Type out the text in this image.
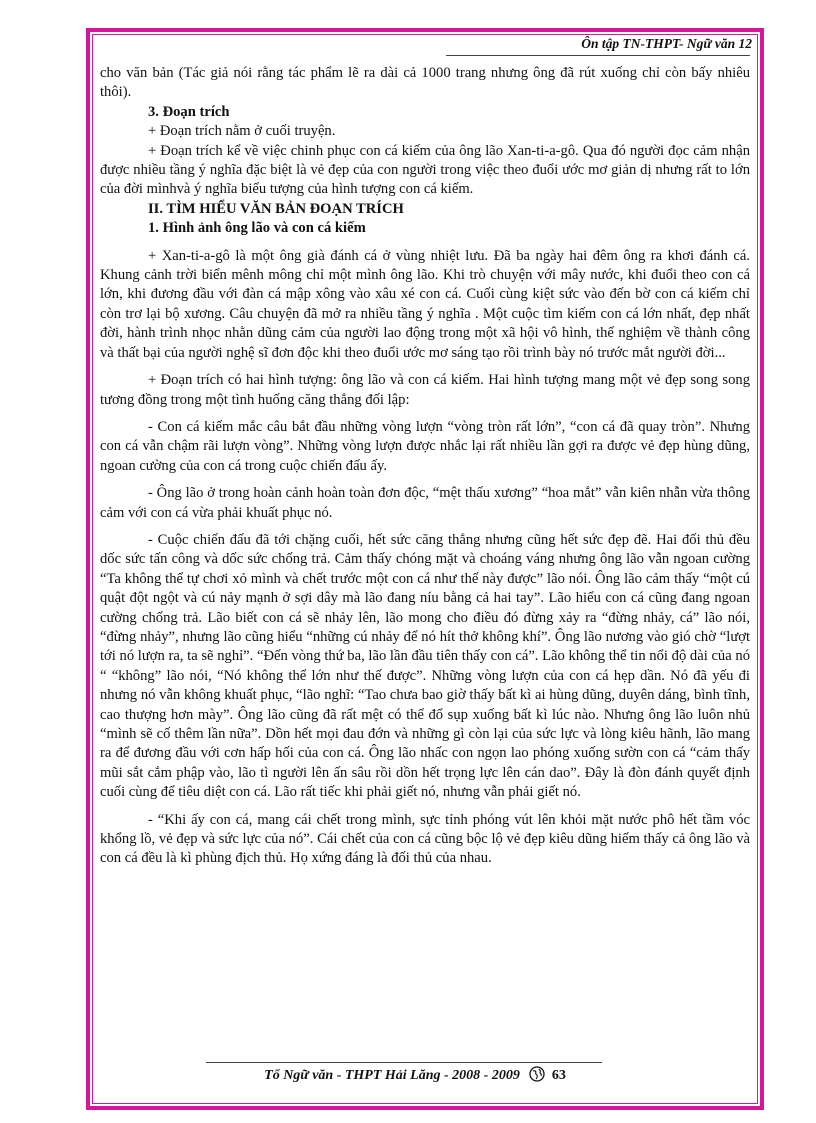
Ôn tập TN-THPT- Ngữ văn 12

cho văn bản (Tác giả nói rằng tác phẩm lẽ ra dài cả 1000 trang nhưng ông đã rút xuống chỉ còn bấy nhiêu thôi).

3. Đoạn trích

+ Đoạn trích nằm ở cuối truyện.

+ Đoạn trích kể về việc chinh phục con cá kiếm của ông lão Xan-ti-a-gô. Qua đó người đọc cảm nhận được nhiều tầng ý nghĩa đặc biệt là vẻ đẹp của con người trong việc theo đuổi ước mơ giản dị nhưng rất to lớn của đời mìnhvà ý nghĩa biểu tượng của hình tượng con cá kiếm.

II. TÌM HIỂU VĂN BẢN ĐOẠN TRÍCH

1. Hình ảnh ông lão và con cá kiếm

+ Xan-ti-a-gô là một ông già đánh cá ở vùng nhiệt lưu. Đã ba ngày hai đêm ông ra khơi đánh cá. Khung cảnh trời biển mênh mông chỉ một mình ông lão. Khi trò chuyện với mây nước, khi đuổi theo con cá lớn, khi đương đầu với đàn cá mập xông vào xâu xé con cá. Cuối cùng kiệt sức vào đến bờ con cá kiếm chỉ còn trơ lại bộ xương. Câu chuyện đã mở ra nhiều tầng ý nghĩa . Một cuộc tìm kiếm con cá lớn nhất, đẹp nhất đời, hành trình nhọc nhằn dũng cảm của người lao động trong một xã hội vô hình, thể nghiệm về thành công và thất bại của người nghệ sĩ đơn độc khi theo đuổi ước mơ sáng tạo rồi trình bày nó trước mắt người đời...

+ Đoạn trích có hai hình tượng: ông lão và con cá kiếm. Hai hình tượng mang một vẻ đẹp song song tương đồng trong một tình huống căng thẳng đối lập:

- Con cá kiếm mắc câu bắt đầu những vòng lượn “vòng tròn rất lớn”, “con cá đã quay tròn”. Nhưng con cá vẫn chậm rãi lượn vòng”. Những vòng lượn được nhắc lại rất nhiều lần gợi ra được vẻ đẹp hùng dũng, ngoan cường của con cá trong cuộc chiến đấu ấy.

- Ông lão ở trong hoàn cảnh hoàn toàn đơn độc, “mệt thấu xương” “hoa mắt” vẫn kiên nhẫn vừa thông cảm với con cá vừa phải khuất phục nó.

- Cuộc chiến đấu đã tới chặng cuối, hết sức căng thẳng nhưng cũng hết sức đẹp đẽ. Hai đối thủ đều dốc sức tấn công và dốc sức chống trả. Cảm thấy chóng mặt và choáng váng nhưng ông lão vẫn ngoan cường “Ta không thể tự chơi xỏ mình và chết trước một con cá như thế này được” lão nói. Ông lão cảm thấy “một cú quật đột ngột và cú nảy mạnh ở sợi dây mà lão đang níu bằng cả hai tay”. Lão hiểu con cá cũng đang ngoan cường chống trả. Lão biết con cá sẽ nhảy lên, lão mong cho điều đó đừng xảy ra “đừng nhảy, cá” lão nói, “đừng nhảy”, nhưng lão cũng hiểu “những cú nhảy để nó hít thở không khí”. Ông lão nương vào gió chờ “lượt tới nó lượn ra, ta sẽ nghỉ”. “Đến vòng thứ ba, lão lần đầu tiên thấy con cá”. Lão không thể tin nổi độ dài của nó “ “không” lão nói, “Nó không thể lớn như thế được”. Những vòng lượn của con cá hẹp dần. Nó đã yếu đi nhưng nó vẫn không khuất phục, “lão nghĩ: “Tao chưa bao giờ thấy bất kì ai hùng dũng, duyên dáng, bình tĩnh, cao thượng hơn mày”. Ông lão cũng đã rất mệt có thể đổ sụp xuống bất kì lúc nào. Nhưng ông lão luôn nhủ “mình sẽ cố thêm lần nữa”. Dồn hết mọi đau đớn và những gì còn lại của sức lực và lòng kiêu hãnh, lão mang ra để đương đầu với cơn hấp hối của con cá. Ông lão nhấc con ngọn lao phóng xuống sườn con cá “cảm thấy mũi sắt cắm phập vào, lão tì người lên ấn sâu rồi dồn hết trọng lực lên cán dao”. Đây là đòn đánh quyết định cuối cùng để tiêu diệt con cá. Lão rất tiếc khi phải giết nó, nhưng vẫn phải giết nó.

- “Khi ấy con cá, mang cái chết trong mình, sực tỉnh phóng vút lên khỏi mặt nước phô hết tầm vóc khổng lồ, vẻ đẹp và sức lực của nó”. Cái chết của con cá cũng bộc lộ vẻ đẹp kiêu dũng hiếm thấy cả ông lão và con cá đều là kì phùng địch thủ. Họ xứng đáng là đối thủ của nhau.

Tổ Ngữ văn - THPT Hải Lăng - 2008 - 2009 63
